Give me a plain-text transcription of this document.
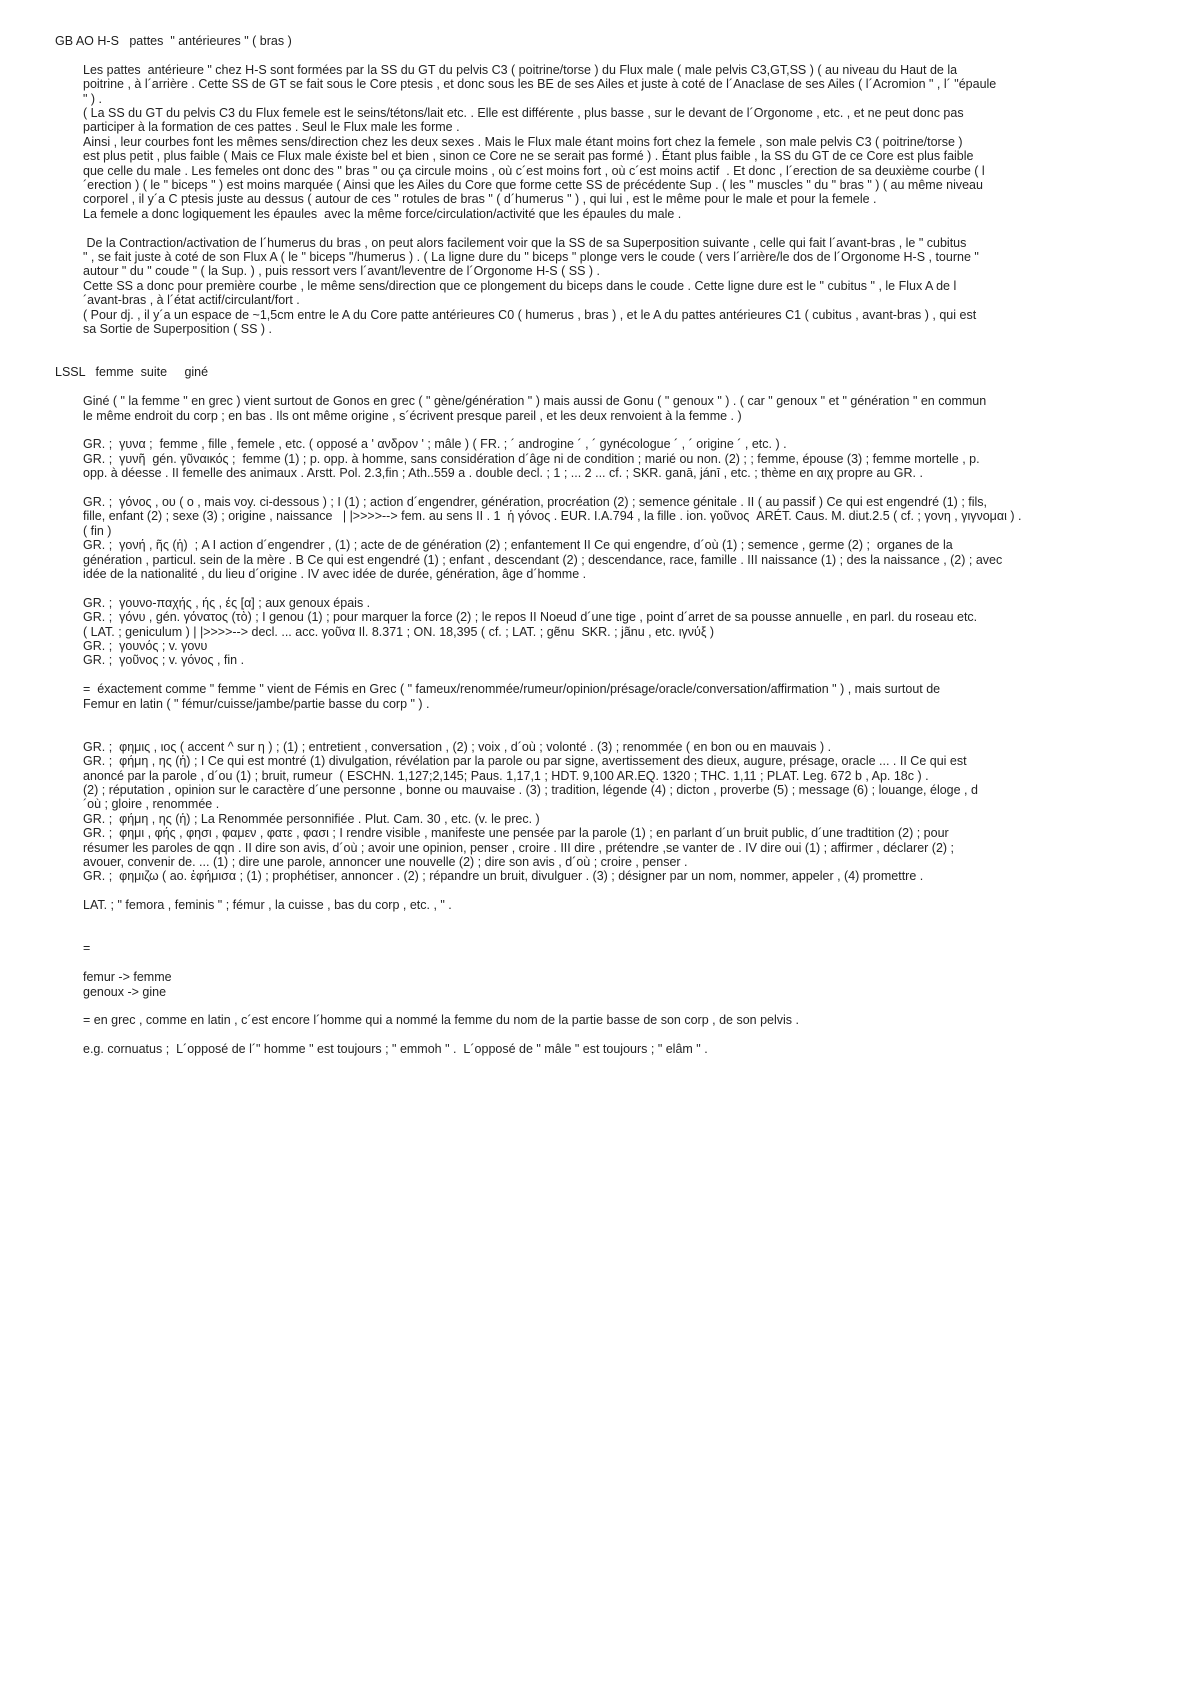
GB AO H-S   pattes  " antérieures " ( bras )
Les pattes  antérieure " chez H-S sont formées par la SS du GT du pelvis C3 ( poitrine/torse ) du Flux male ( male pelvis C3,GT,SS ) ( au niveau du Haut de la
poitrine , à l´arrière . Cette SS de GT se fait sous le Core ptesis , et donc sous les BE de ses Ailes et juste à coté de l´Anaclase de ses Ailes ( l´Acromion " , l´ "épaule
" ) .
( La SS du GT du pelvis C3 du Flux femele est le seins/tétons/lait etc. . Elle est différente , plus basse , sur le devant de l´Orgonome , etc. , et ne peut donc pas
participer à la formation de ces pattes . Seul le Flux male les forme .
Ainsi , leur courbes font les mêmes sens/direction chez les deux sexes . Mais le Flux male étant moins fort chez la femele , son male pelvis C3 ( poitrine/torse )
est plus petit , plus faible ( Mais ce Flux male éxiste bel et bien , sinon ce Core ne se serait pas formé ) . Étant plus faible , la SS du GT de ce Core est plus faible
que celle du male . Les femeles ont donc des " bras " ou ça circule moins , où c´est moins fort , où c´est moins actif  . Et donc , l´erection de sa deuxième courbe ( l
´erection ) ( le " biceps " ) est moins marquée ( Ainsi que les Ailes du Core que forme cette SS de précédente Sup . ( les " muscles " du " bras " ) ( au même niveau
corporel , il y´a C ptesis juste au dessus ( autour de ces " rotules de bras " ( d´humerus " ) , qui lui , est le même pour le male et pour la femele .
La femele a donc logiquement les épaules  avec la même force/circulation/activité que les épaules du male .
De la Contraction/activation de l´humerus du bras , on peut alors facilement voir que la SS de sa Superposition suivante , celle qui fait l´avant-bras , le " cubitus
" , se fait juste à coté de son Flux A ( le " biceps "/humerus ) . ( La ligne dure du " biceps " plonge vers le coude ( vers l´arrière/le dos de l´Orgonome H-S , tourne "
autour " du " coude " ( la Sup. ) , puis ressort vers l´avant/leventre de l´Orgonome H-S ( SS ) .
Cette SS a donc pour première courbe , le même sens/direction que ce plongement du biceps dans le coude . Cette ligne dure est le " cubitus " , le Flux A de l
´avant-bras , à l´état actif/circulant/fort .
( Pour dj. , il y´a un espace de ~1,5cm entre le A du Core patte antérieures C0 ( humerus , bras ) , et le A du pattes antérieures C1 ( cubitus , avant-bras ) , qui est
sa Sortie de Superposition ( SS ) .
LSSL   femme  suite     giné
Giné ( " la femme " en grec ) vient surtout de Gonos en grec ( " gène/génération " ) mais aussi de Gonu ( " genoux " ) . ( car " genoux " et " génération " en commun
le même endroit du corp ; en bas . Ils ont même origine , s´écrivent presque pareil , et les deux renvoient à la femme . )
GR. ;  γυνα ;  femme , fille , femele , etc. ( opposé a ' ανδρον ' ; mâle ) ( FR. ; ´ androgine ´ , ´ gynécologue ´ , ´ origine ´ , etc. ) .
GR. ;  γυνῆ  gén. γῦναικός ;  femme (1) ; p. opp. à homme, sans considération d´âge ni de condition ; marié ou non. (2) ; ; femme, épouse (3) ; femme mortelle , p.
opp. à déesse . II femelle des animaux . Arstt. Pol. 2.3,fin ; Ath..559 a . double decl. ; 1 ; ... 2 ... cf. ; SKR. ganā, jánī , etc. ; thème en αιχ propre au GR. .
GR. ;  γόνος , ου ( ο , mais voy. ci-dessous ) ; I (1) ; action d´engendrer, génération, procréation (2) ; semence génitale . II ( au passif ) Ce qui est engendré (1) ; fils,
fille, enfant (2) ; sexe (3) ; origine , naissance   | |>>>>--> fem. au sens II . 1  ἡ γόνος . EUR. I.A.794 , la fille . ion. γοῦνος  ARÉT. Caus. M. diut.2.5 ( cf. ; γονη , γιγνομαι ) .
( fin )
GR. ;  γονή , ῆς (ἡ)  ; A I action d´engendrer , (1) ; acte de de génération (2) ; enfantement II Ce qui engendre, d´où (1) ; semence , germe (2) ;  organes de la
génération , particul. sein de la mère . B Ce qui est engendré (1) ; enfant , descendant (2) ; descendance, race, famille . III naissance (1) ; des la naissance , (2) ; avec
idée de la nationalité , du lieu d´origine . IV avec idée de durée, génération, âge d´homme .
GR. ;  γουνο-παχής , ής , ές [α] ; aux genoux épais .
GR. ;  γόνυ , gén. γόνατος (τὸ) ; I genou (1) ; pour marquer la force (2) ; le repos II Noeud d´une tige , point d´arret de sa pousse annuelle , en parl. du roseau etc.
( LAT. ; geniculum ) | |>>>>--> decl. ... acc. γοῦνα Il. 8.371 ; ON. 18,395 ( cf. ; LAT. ; gẽnu  SKR. ; jãnu , etc. ιγνύξ )
GR. ;  γουνός ; v. γονυ
GR. ;  γοῦνος ; v. γόνος , fin .
=  éxactement comme " femme " vient de Fémis en Grec ( " fameux/renommée/rumeur/opinion/présage/oracle/conversation/affirmation " ) , mais surtout de
Femur en latin ( " fémur/cuisse/jambe/partie basse du corp " ) .
GR. ;  φημις , ιος ( accent ^ sur η ) ; (1) ; entretient , conversation , (2) ; voix , d´où ; volonté . (3) ; renommée ( en bon ou en mauvais ) .
GR. ;  φήμη , ης (ἡ) ; I Ce qui est montré (1) divulgation, révélation par la parole ou par signe, avertissement des dieux, augure, présage, oracle ... . II Ce qui est
anoncé par la parole , d´ou (1) ; bruit, rumeur  ( ESCHN. 1,127;2,145; Paus. 1,17,1 ; HDT. 9,100 AR.EQ. 1320 ; THC. 1,11 ; PLAT. Leg. 672 b , Ap. 18c ) .
(2) ; réputation , opinion sur le caractère d´une personne , bonne ou mauvaise . (3) ; tradition, légende (4) ; dicton , proverbe (5) ; message (6) ; louange, éloge , d
´où ; gloire , renommée .
GR. ;  φήμη , ης (ἡ) ; La Renommée personnifiée . Plut. Cam. 30 , etc. (v. le prec. )
GR. ;  φημι , φής , φησι , φαμεν , φατε , φασι ; I rendre visible , manifeste une pensée par la parole (1) ; en parlant d´un bruit public, d´une tradtition (2) ; pour
résumer les paroles de qqn . II dire son avis, d´où ; avoir une opinion, penser , croire . III dire , prétendre ,se vanter de . IV dire oui (1) ; affirmer , déclarer (2) ;
avouer, convenir de. ... (1) ; dire une parole, annoncer une nouvelle (2) ; dire son avis , d´où ; croire , penser .
GR. ;  φημιζω ( ao. ἐφήμισα ; (1) ; prophétiser, annoncer . (2) ; répandre un bruit, divulguer . (3) ; désigner par un nom, nommer, appeler , (4) promettre .
LAT. ; " femora , feminis " ; fémur , la cuisse , bas du corp , etc. , " .
=
femur -> femme
genoux -> gine
= en grec , comme en latin , c´est encore l´homme qui a nommé la femme du nom de la partie basse de son corp , de son pelvis .
e.g. cornuatus ;  L´opposé de l´" homme " est toujours ; " emmoh " .  L´opposé de " mâle " est toujours ; " elâm " .
